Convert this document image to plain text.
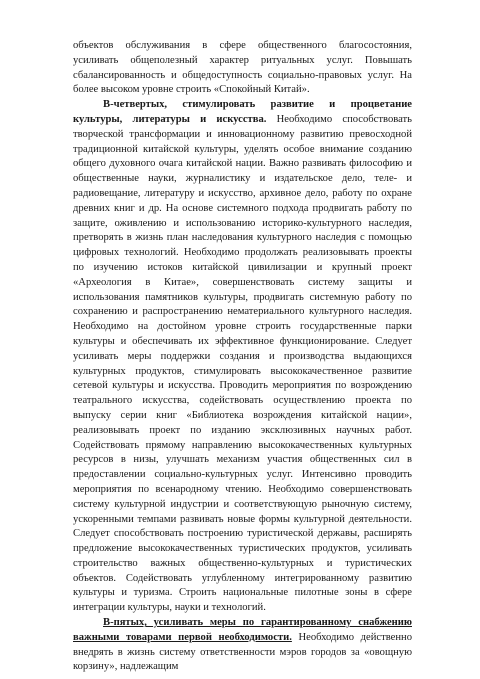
объектов обслуживания в сфере общественного благосостояния, усиливать общеполезный характер ритуальных услуг. Повышать сбалансированность и общедоступность социально-правовых услуг. На более высоком уровне строить «Спокойный Китай».

В-четвертых, стимулировать развитие и процветание культуры, литературы и искусства. Необходимо способствовать творческой трансформации и инновационному развитию превосходной традиционной китайской культуры, уделять особое внимание созданию общего духовного очага китайской нации. Важно развивать философию и общественные науки, журналистику и издательское дело, теле- и радиовещание, литературу и искусство, архивное дело, работу по охране древних книг и др. На основе системного подхода продвигать работу по защите, оживлению и использованию историко-культурного наследия, претворять в жизнь план наследования культурного наследия с помощью цифровых технологий. Необходимо продолжать реализовывать проекты по изучению истоков китайской цивилизации и крупный проект «Археология в Китае», совершенствовать систему защиты и использования памятников культуры, продвигать системную работу по сохранению и распространению нематериального культурного наследия. Необходимо на достойном уровне строить государственные парки культуры и обеспечивать их эффективное функционирование. Следует усиливать меры поддержки создания и производства выдающихся культурных продуктов, стимулировать высококачественное развитие сетевой культуры и искусства. Проводить мероприятия по возрождению театрального искусства, содействовать осуществлению проекта по выпуску серии книг «Библиотека возрождения китайской нации», реализовывать проект по изданию эксклюзивных научных работ. Содействовать прямому направлению высококачественных культурных ресурсов в низы, улучшать механизм участия общественных сил в предоставлении социально-культурных услуг. Интенсивно проводить мероприятия по всенародному чтению. Необходимо совершенствовать систему культурной индустрии и соответствующую рыночную систему, ускоренными темпами развивать новые формы культурной деятельности. Следует способствовать построению туристической державы, расширять предложение высококачественных туристических продуктов, усиливать строительство важных общественно-культурных и туристических объектов. Содействовать углубленному интегрированному развитию культуры и туризма. Строить национальные пилотные зоны в сфере интеграции культуры, науки и технологий.

В-пятых, усиливать меры по гарантированному снабжению важными товарами первой необходимости. Необходимо действенно внедрять в жизнь систему ответственности мэров городов за «овощную корзину», надлежащим
